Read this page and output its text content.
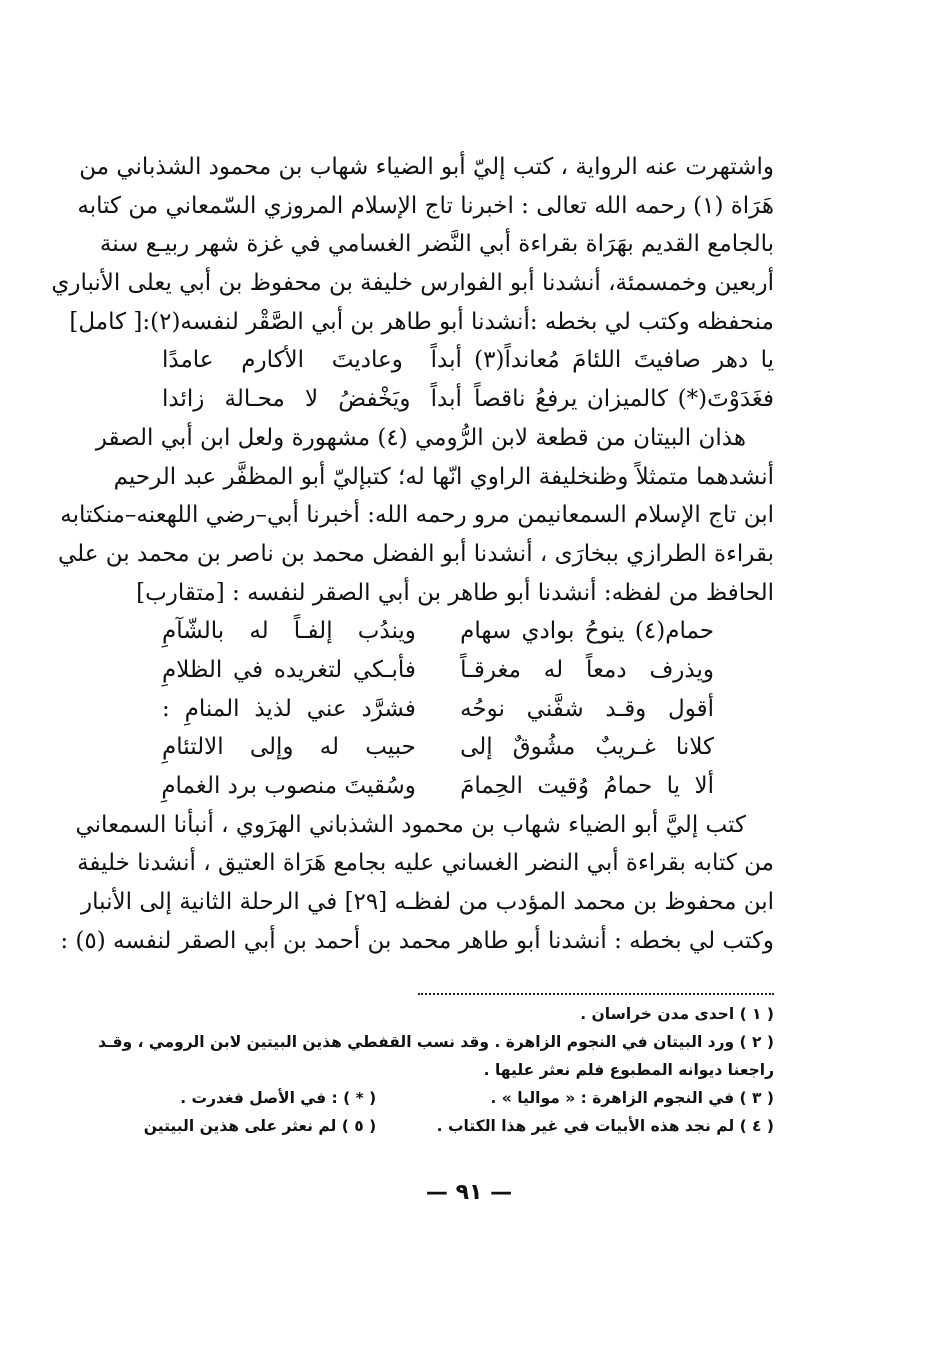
واشتهرت عنه الرواية ، كتب إليّ أبو الضياء شهاب بن محمود الشذباني من
هَرَاة (١) رحمه الله تعالى : اخبرنا تاج الإسلام المروزي السّمعاني من كتابه
بالجامع القديم بهَرَاة بقراءة أبي النَّضر الغسامي في غزة شهر ربيـع سنة
أربعين وخمسمئة، أنشدنا أبو الفوارس خليفة بن محفوظ بن أبي يعلى الأنباري
منحفظه وكتب لي بخطه :أنشدنا أبو طاهر بن أبي الصَّقْر لنفسه(٢):[ كامل]
يا دهر صافيتَ اللئامَ مُعانداً(٣)
أبداً وعاديتَ الأكارم عامدًا
فغَدَوْتَ(*) كالميزان يرفعُ ناقصاً
أبداً ويَخْفضُ لا محـالة زائدا
هذان البيتان من قطعة لابن الرُّومي (٤) مشهورة ولعل ابن أبي الصقر
أنشدهما متمثلاً وظنخليفة الراوي انّها له؛ كتبإليّ أبو المظفَّر عبد الرحيم
ابن تاج الإسلام السمعانيمن مرو رحمه الله: أخبرنا أبي–رضي اللهعنه–منكتابه
بقراءة الطرازي ببخارَى ، أنشدنا أبو الفضل محمد بن ناصر بن محمد بن علي
الحافظ من لفظه: أنشدنا أبو طاهر بن أبي الصقر لنفسه : [متقارب]
حمام(٤) ينوحُ بوادي سهام
ويندُب إلفـاً له بالشّآمِ
ويذرف دمعاً له مغرقـاً
فأبـكي لتغريده في الظلامِ
أقول وقـد شفَّني نوحُه
فشرَّد عني لذيذ المنامِ :
كلانا غـريبٌ مشُوقٌ إلى
حبيب له وإلى الالتئامِ
ألا يا حمامُ وُقيت الحِمامَ
وسُقيتَ منصوب برد الغمامِ
كتب إليَّ أبو الضياء شهاب بن محمود الشذباني الهرَوي ، أنبأنا السمعاني
من كتابه بقراءة أبي النضر الغساني عليه بجامع هَرَاة العتيق ، أنشدنا خليفة
ابن محفوظ بن محمد المؤدب من لفظـه [٢٩] في الرحلة الثانية إلى الأنبار
وكتب لي بخطه : أنشدنا أبو طاهر محمد بن أحمد بن أبي الصقر لنفسه (٥) :
( ١ ) احدى مدن خراسان .
( ٢ ) ورد البيتان في النجوم الزاهرة . وقد نسب القفطي هذين البيتين لابن الرومي ، وقـد
راجعنا ديوانه المطبوع فلم نعثر عليها .
( ٣ ) في النجوم الزاهرة : « مواليا » .
( * ) : في الأصل فغدرت .
( ٤ ) لم نجد هذه الأبيات في غير هذا الكتاب .
( ٥ ) لم نعثر على هذين البيتين
— ٩١ —
